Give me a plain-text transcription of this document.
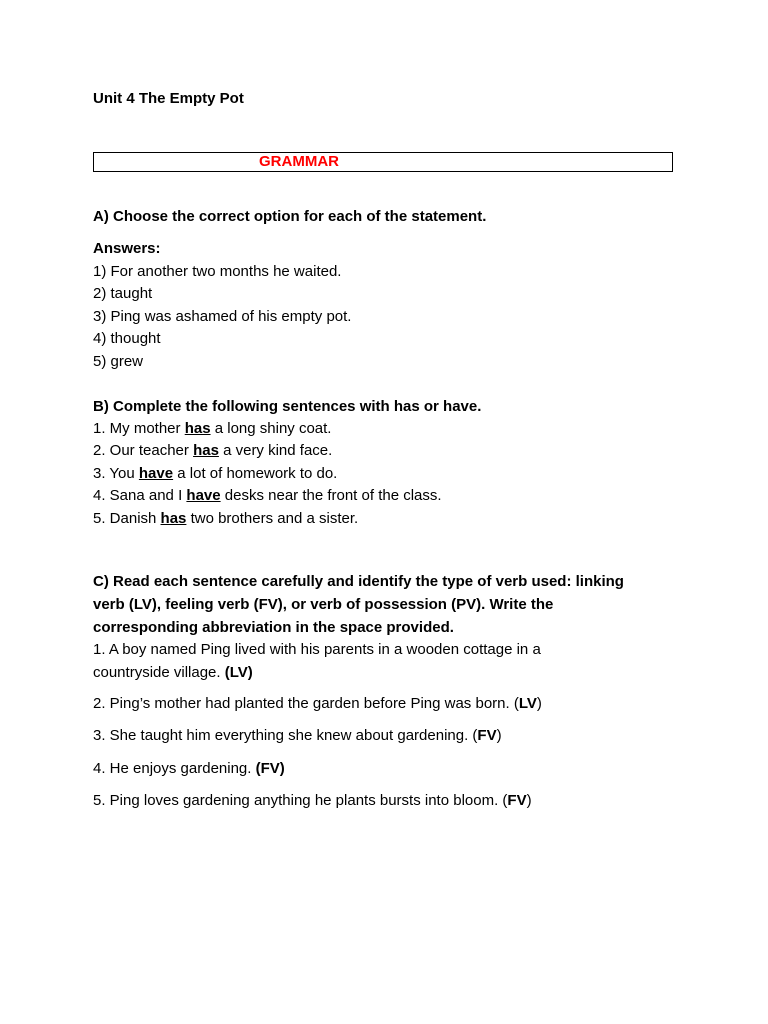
Unit 4 The Empty Pot
GRAMMAR
A) Choose the correct option for each of the statement.
Answers:
1) For another two months he waited.
2) taught
3) Ping was ashamed of his empty pot.
4) thought
5) grew
B) Complete the following sentences with has or have.
1. My mother has a long shiny coat.
2. Our teacher has a very kind face.
3. You have a lot of homework to do.
4. Sana and I have desks near the front of the class.
5. Danish has two brothers and a sister.
C) Read each sentence carefully and identify the type of verb used: linking
verb (LV), feeling verb (FV), or verb of possession (PV). Write the
corresponding abbreviation in the space provided.
1. A boy named Ping lived with his parents in a wooden cottage in a
countryside village. (LV)
2. Ping’s mother had planted the garden before Ping was born. (LV)
3. She taught him everything she knew about gardening. (FV)
4. He enjoys gardening. (FV)
5. Ping loves gardening anything he plants bursts into bloom. (FV)
